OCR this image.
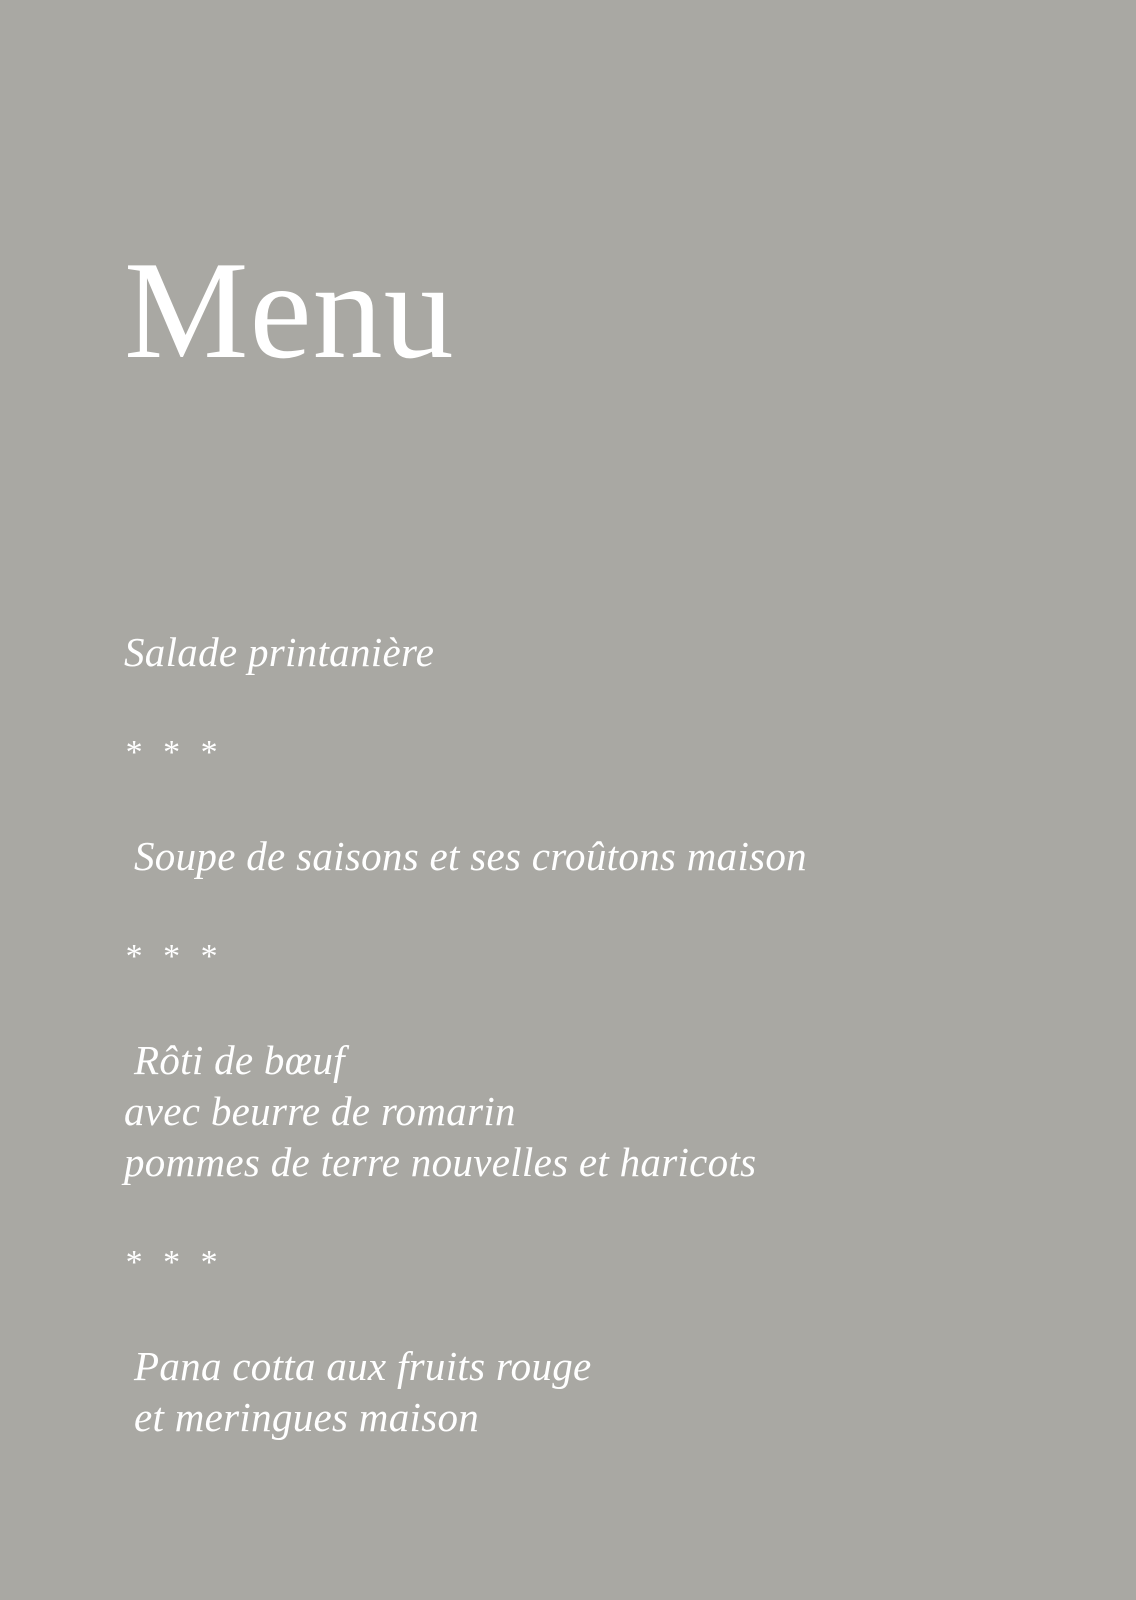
Menu

Salade printanière

* * *

Soupe de saisons et ses croûtons maison

* * *

Rôti de bœuf

avec beurre de romarin

pommes de terre nouvelles et haricots

* * *

Pana cotta aux fruits rouge

et meringues maison
